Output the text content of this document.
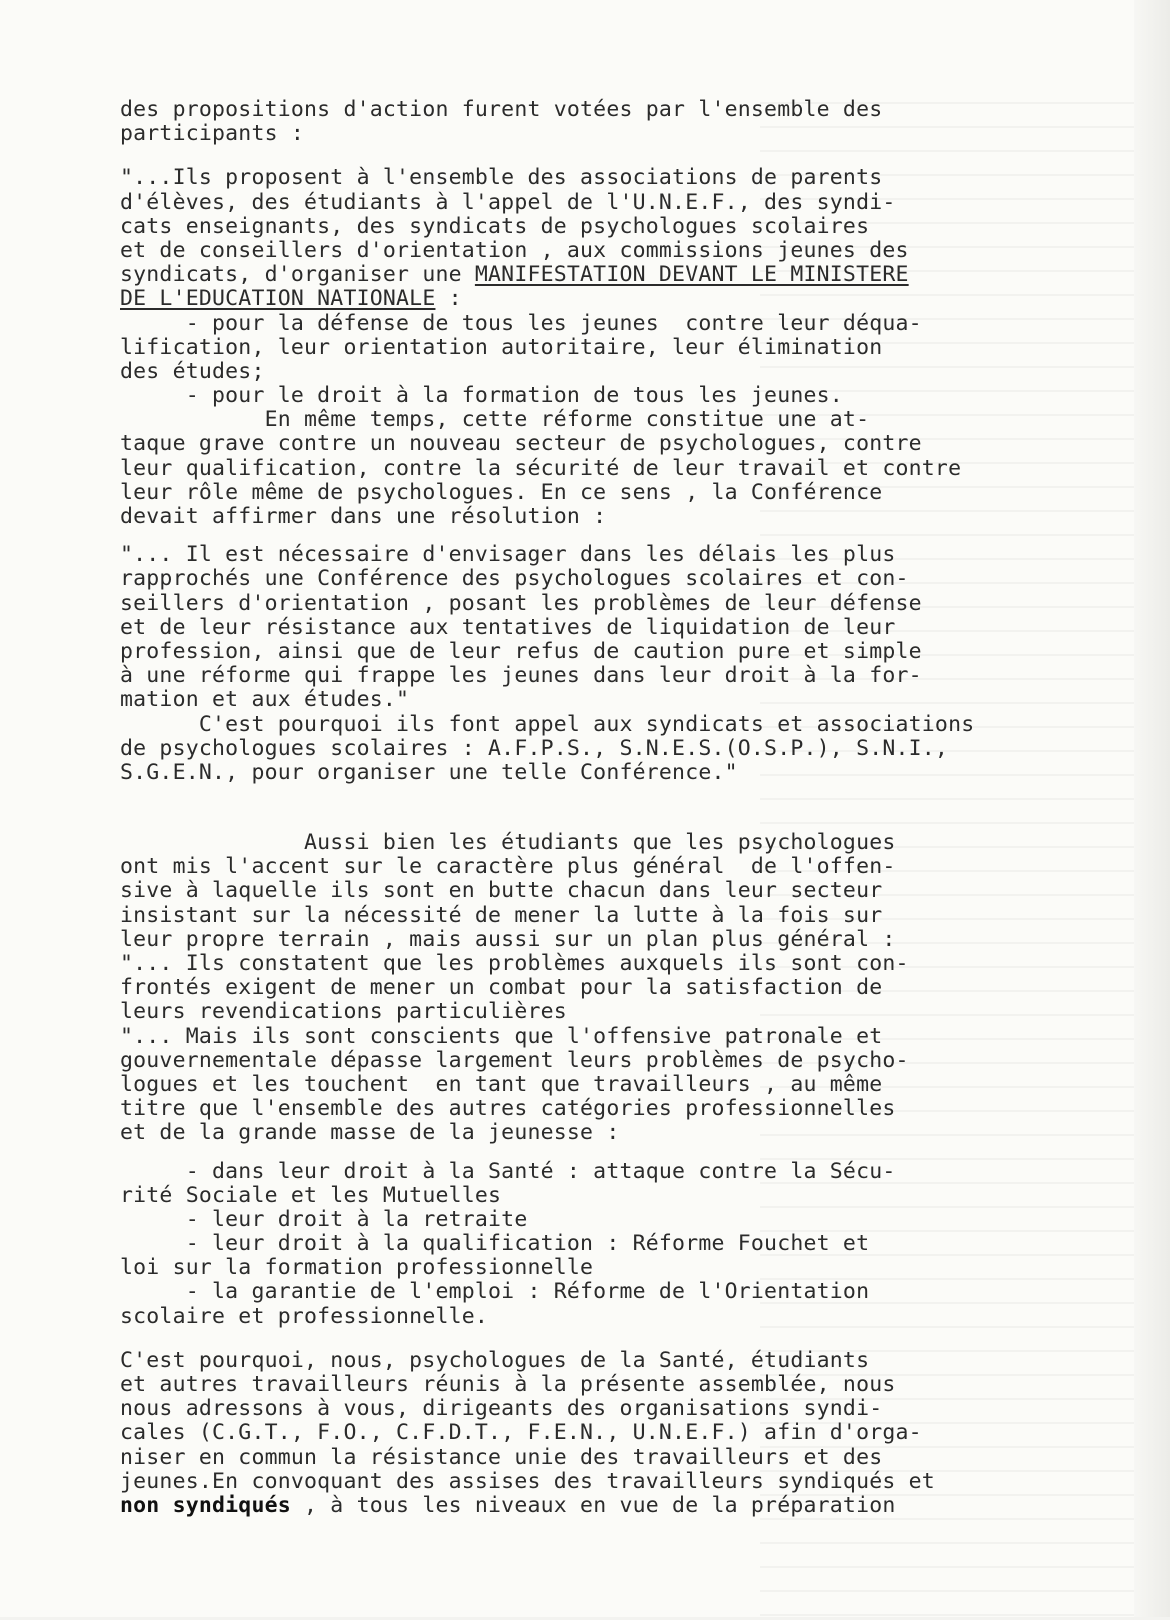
des propositions d'action furent votées par l'ensemble des
participants :
"...Ils proposent à l'ensemble des associations de parents
d'élèves, des étudiants à l'appel de l'U.N.E.F., des syndi-
cats enseignants, des syndicats de psychologues scolaires
et de conseillers d'orientation , aux commissions jeunes des
syndicats, d'organiser une MANIFESTATION DEVANT LE MINISTERE
DE L'EDUCATION NATIONALE :
- pour la défense de tous les jeunes  contre leur déqua-
lification, leur orientation autoritaire, leur élimination
des études;
- pour le droit à la formation de tous les jeunes.
En même temps, cette réforme constitue une at-
taque grave contre un nouveau secteur de psychologues, contre
leur qualification, contre la sécurité de leur travail et contre
leur rôle même de psychologues. En ce sens , la Conférence
devait affirmer dans une résolution :
"... Il est nécessaire d'envisager dans les délais les plus
rapprochés une Conférence des psychologues scolaires et con-
seillers d'orientation , posant les problèmes de leur défense
et de leur résistance aux tentatives de liquidation de leur
profession, ainsi que de leur refus de caution pure et simple
à une réforme qui frappe les jeunes dans leur droit à la for-
mation et aux études."
C'est pourquoi ils font appel aux syndicats et associations
de psychologues scolaires : A.F.P.S., S.N.E.S.(O.S.P.), S.N.I.,
S.G.E.N., pour organiser une telle Conférence."
Aussi bien les étudiants que les psychologues
ont mis l'accent sur le caractère plus général  de l'offen-
sive à laquelle ils sont en butte chacun dans leur secteur
insistant sur la nécessité de mener la lutte à la fois sur
leur propre terrain , mais aussi sur un plan plus général :
"... Ils constatent que les problèmes auxquels ils sont con-
frontés exigent de mener un combat pour la satisfaction de
leurs revendications particulières
"... Mais ils sont conscients que l'offensive patronale et
gouvernementale dépasse largement leurs problèmes de psycho-
logues et les touchent  en tant que travailleurs , au même
titre que l'ensemble des autres catégories professionnelles
et de la grande masse de la jeunesse :
- dans leur droit à la Santé : attaque contre la Sécu-
rité Sociale et les Mutuelles
- leur droit à la retraite
- leur droit à la qualification : Réforme Fouchet et
loi sur la formation professionnelle
- la garantie de l'emploi : Réforme de l'Orientation
scolaire et professionnelle.
C'est pourquoi, nous, psychologues de la Santé, étudiants
et autres travailleurs réunis à la présente assemblée, nous
nous adressons à vous, dirigeants des organisations syndi-
cales (C.G.T., F.O., C.F.D.T., F.E.N., U.N.E.F.) afin d'orga-
niser en commun la résistance unie des travailleurs et des
jeunes.En convoquant des assises des travailleurs syndiqués et
non syndiqués , à tous les niveaux en vue de la préparation
